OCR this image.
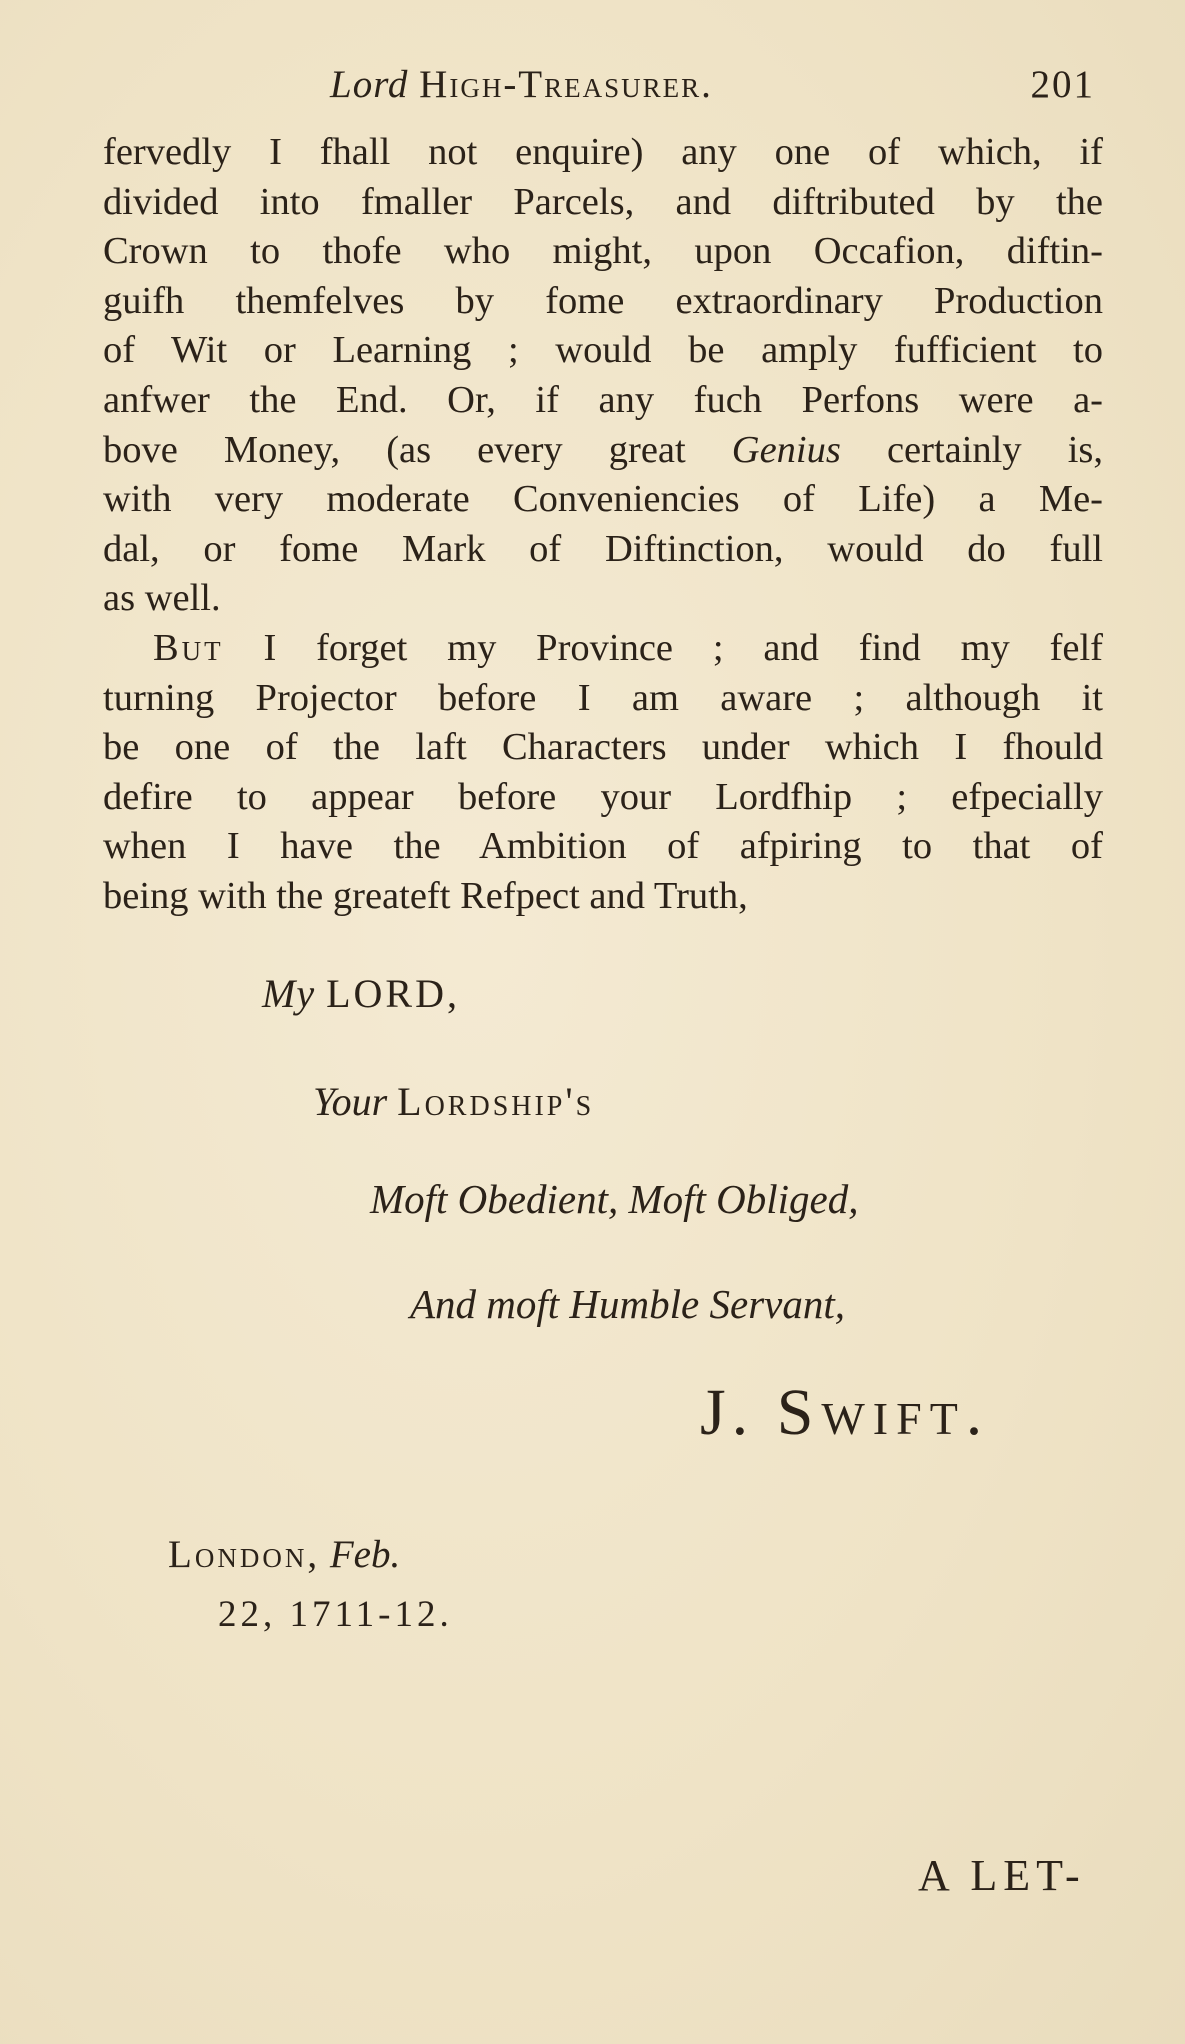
Lord High-Treasurer.	201
fervedly I fhall not enquire) any one of which, if
divided into fmaller Parcels, and diftributed by the
Crown to thofe who might, upon Occafion, diftin-
guifh themfelves by fome extraordinary Production
of Wit or Learning ; would be amply fufficient to
anfwer the End. Or, if any fuch Perfons were a-
bove Money, (as every great Genius certainly is,
with very moderate Conveniencies of Life) a Me-
dal, or fome Mark of Diftinction, would do full
as well.
But I forget my Province ; and find my felf
turning Projector before I am aware ; although it
be one of the laft Characters under which I fhould
defire to appear before your Lordfhip ; efpecially
when I have the Ambition of afpiring to that of
being with the greateft Refpect and Truth,
My LORD,
Your Lordship's
Moft Obedient, Moft Obliged,
And moft Humble Servant,
J. Swift.
London, Feb.
22, 1711-12.
A LET-
